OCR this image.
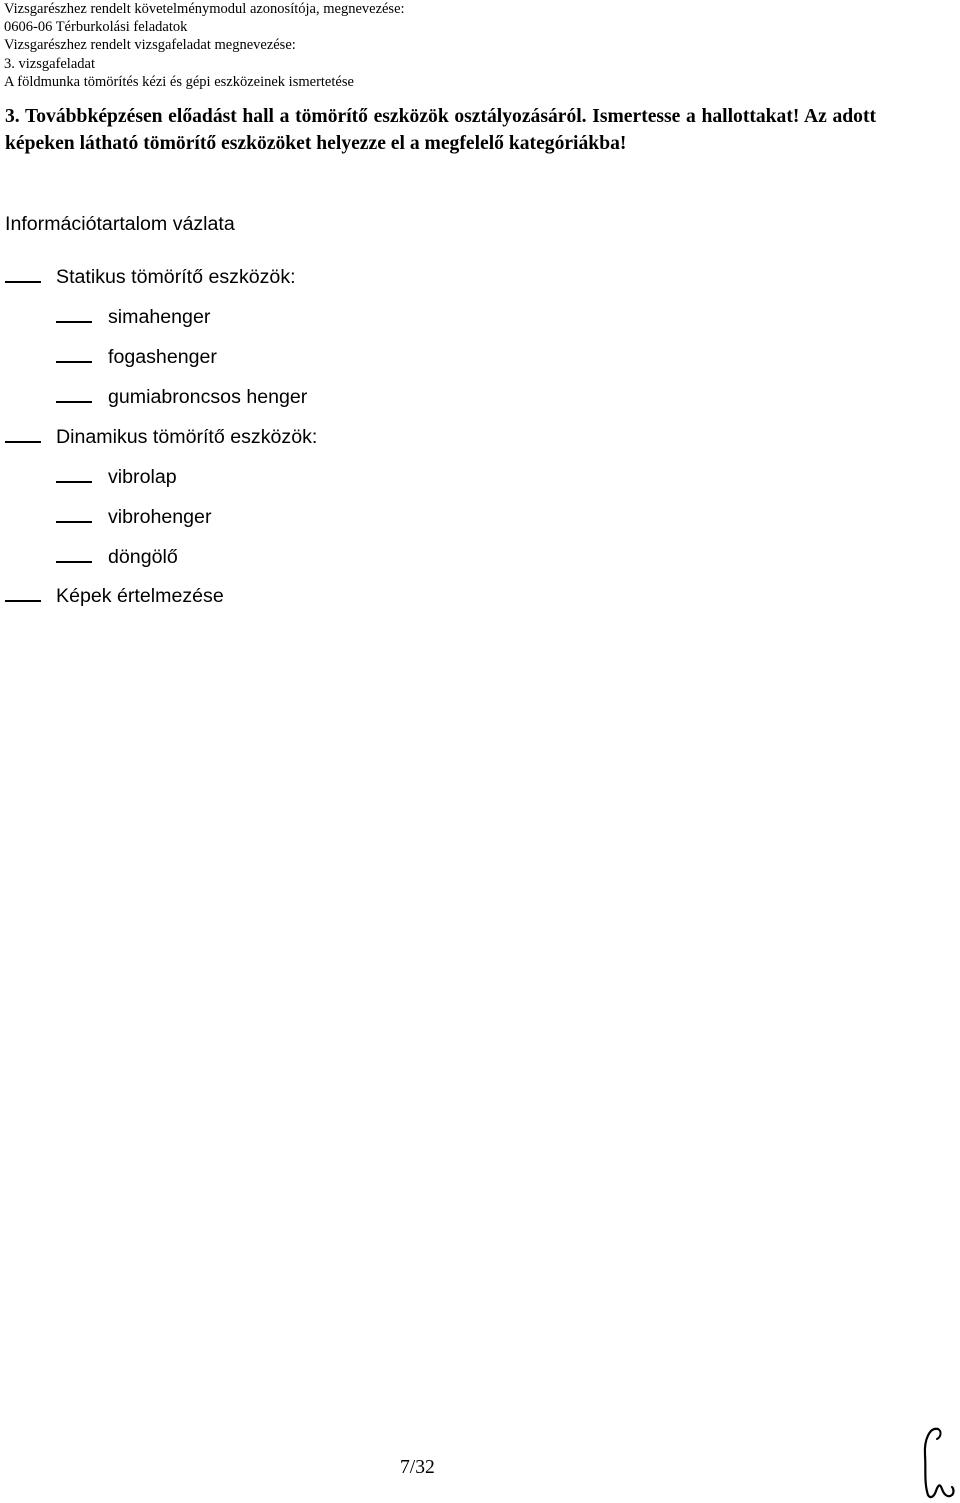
Vizsgarészhez rendelt követelménymodul azonosítója, megnevezése:
0606-06 Térburkolási feladatok
Vizsgarészhez rendelt vizsgafeladat megnevezése:
3. vizsgafeladat
A földmunka tömörítés kézi és gépi eszközeinek ismertetése
3. Továbbképzésen előadást hall a tömörítő eszközök osztályozásáról. Ismertesse a hallottakat! Az adott képeken látható tömörítő eszközöket helyezze el a megfelelő kategóriákba!
Információtartalom vázlata
Statikus tömörítő eszközök:
simahenger
fogashenger
gumiabroncsos henger
Dinamikus tömörítő eszközök:
vibrolap
vibrohenger
döngölő
Képek értelmezése
7/32
